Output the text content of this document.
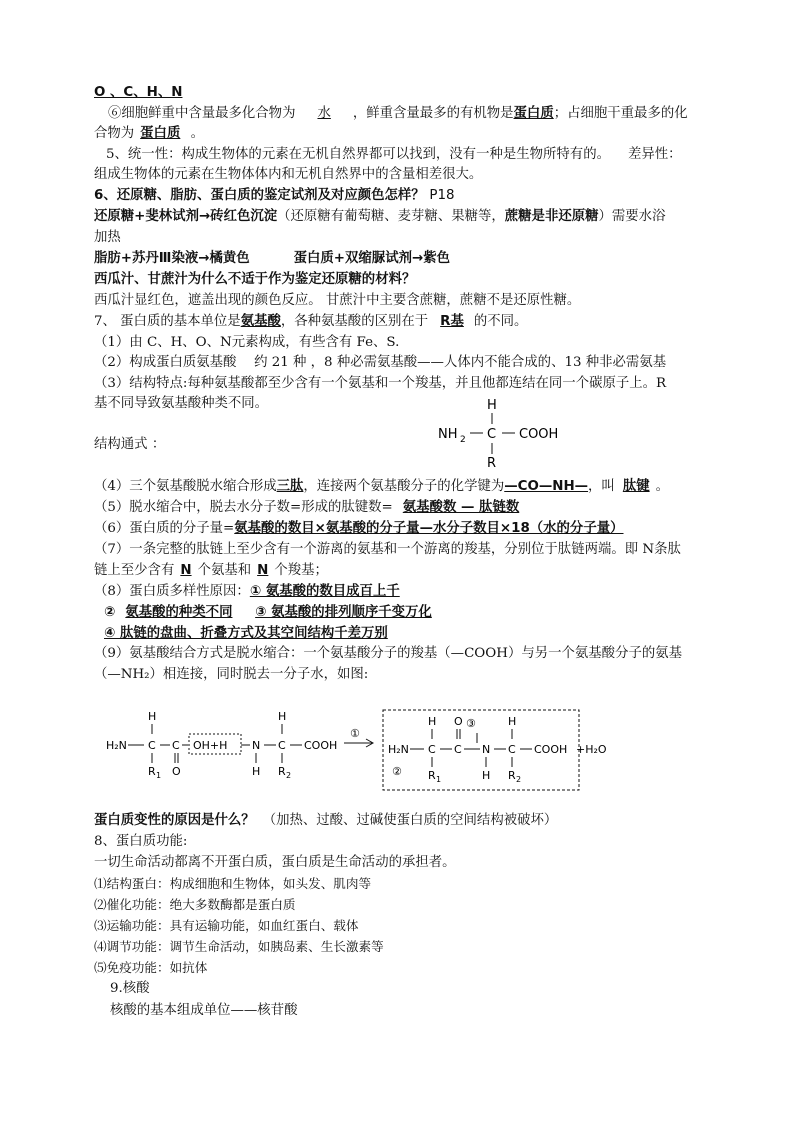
O 、C、H、N
⑥细胞鲜重中含量最多化合物为 水 ，鲜重含量最多的有机物是蛋白质；占细胞干重最多的化
合物为 蛋白质 。
5、统一性：构成生物体的元素在无机自然界都可以找到，没有一种是生物所特有的。 差异性：
组成生物体的元素在生物体体内和无机自然界中的含量相差很大。
6、还原糖、脂肪、蛋白质的鉴定试剂及对应颜色怎样？ P18
还原糖+斐林试剂→砖红色沉淀（还原糖有葡萄糖、麦芽糖、果糖等，蔗糖是非还原糖）需要水浴
加热
脂肪+苏丹Ⅲ染液→橘黄色	蛋白质+双缩脲试剂→紫色
西瓜汁、甘蔗汁为什么不适于作为鉴定还原糖的材料？
西瓜汁显红色，遮盖出现的颜色反应。 甘蔗汁中主要含蔗糖，蔗糖不是还原性糖。
7、 蛋白质的基本单位是氨基酸，各种氨基酸的区别在于 R基 的不同。
（1）由 C、H、O、N元素构成，有些含有 Fe、S.
（2）构成蛋白质氨基酸　 约 21 种 ，8 种必需氨基酸——人体内不能合成的、13 种非必需氨基
（3）结构特点:每种氨基酸都至少含有一个氨基和一个羧基，并且他都连结在同一个碳原子上。R
基不同导致氨基酸种类不同。
结构通式 ：
H
NH 2 C COOH
R
（4）三个氨基酸脱水缩合形成三肽，连接两个氨基酸分子的化学键为—CO—NH—，叫 肽键 。
（5）脱水缩合中，脱去水分子数=形成的肽键数= 氨基酸数 — 肽链数
（6）蛋白质的分子量=氨基酸的数目×氨基酸的分子量—水分子数目×18（水的分子量）
（7）一条完整的肽链上至少含有一个游离的氨基和一个游离的羧基，分别位于肽链两端。即 N条肽
链上至少含有 N 个氨基和 N 个羧基；
（8）蛋白质多样性原因：① 氨基酸的数目成百上千
② 氨基酸的种类不同 ③ 氨基酸的排列顺序千变万化
④ 肽链的盘曲、折叠方式及其空间结构千差万别
（9）氨基酸结合方式是脱水缩合：一个氨基酸分子的羧基（—COOH）与另一个氨基酸分子的氨基
（—NH₂）相连接，同时脱去一分子水，如图:
H
H₂N C C
R 1 O
OH+H N
H
H
C COOH
R 2
①
H
H₂N C
O
C
③
N
H
H
C COOH
R 1	R 2
②
+H₂O
蛋白质变性的原因是什么？ （加热、过酸、过碱使蛋白质的空间结构被破坏）
8、蛋白质功能:
一切生命活动都离不开蛋白质，蛋白质是生命活动的承担者。
⑴结构蛋白：构成细胞和生物体，如头发、肌肉等
⑵催化功能：绝大多数酶都是蛋白质
⑶运输功能：具有运输功能，如血红蛋白、载体
⑷调节功能：调节生命活动，如胰岛素、生长激素等
⑸免疫功能：如抗体
9.核酸
核酸的基本组成单位——核苷酸
